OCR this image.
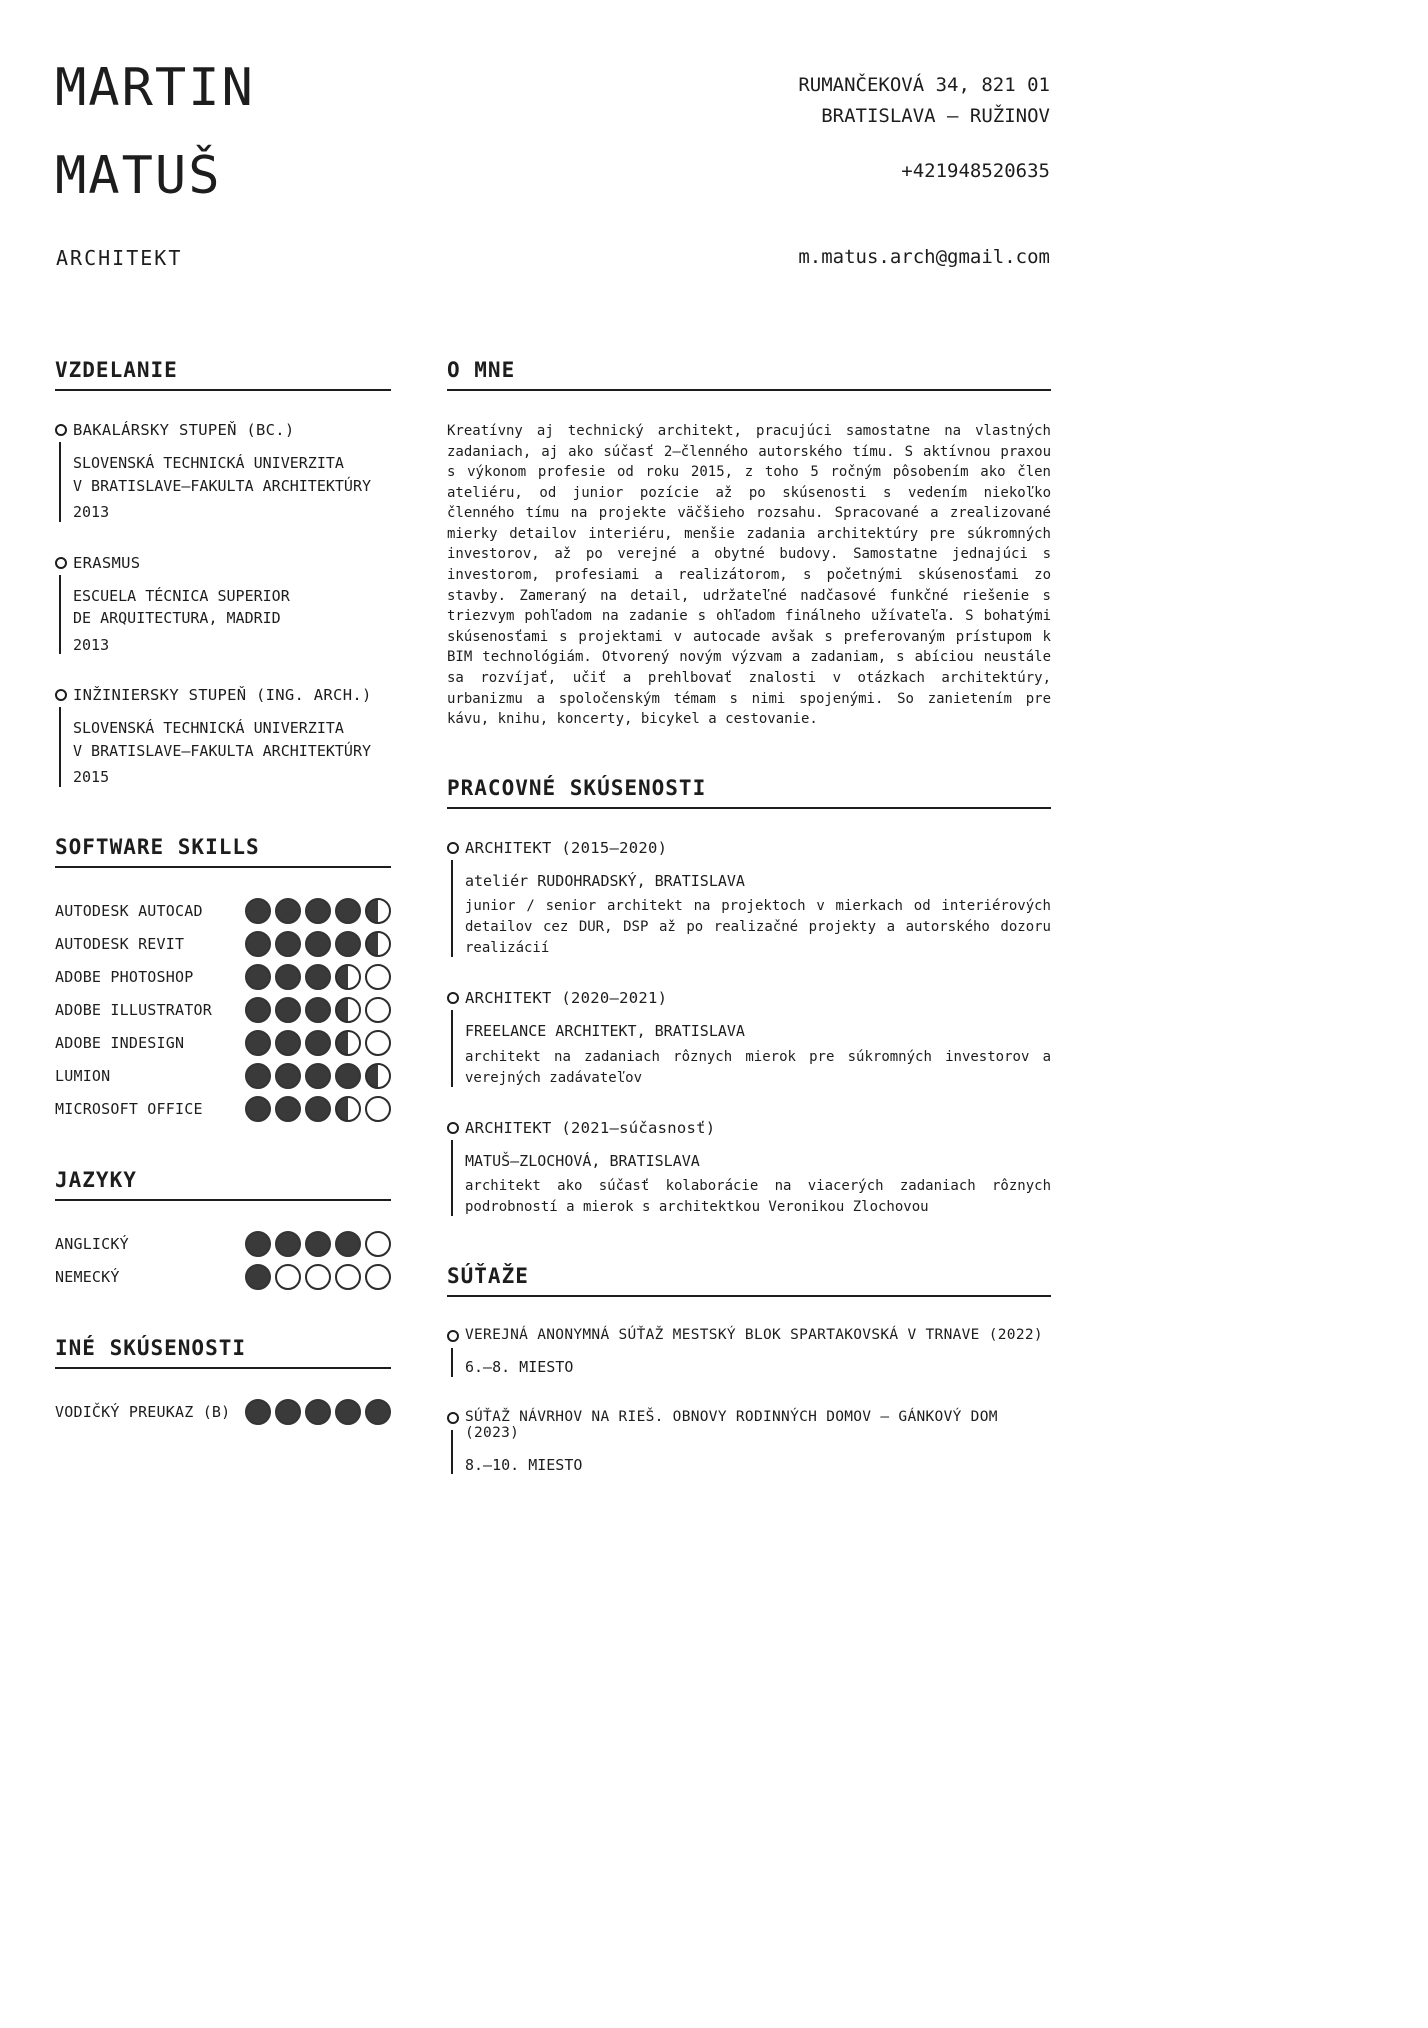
MARTIN
MATUŠ
ARCHITEKT
RUMANČEKOVÁ 34, 821 01
BRATISLAVA – RUŽINOV
+421948520635
m.matus.arch@gmail.com
VZDELANIE
BAKALÁRSKY STUPEŇ (BC.)
SLOVENSKÁ TECHNICKÁ UNIVERZITA
V BRATISLAVE–FAKULTA ARCHITEKTÚRY
2013
ERASMUS
ESCUELA TÉCNICA SUPERIOR
DE ARQUITECTURA, MADRID
2013
INŽINIERSKY STUPEŇ (ING. ARCH.)
SLOVENSKÁ TECHNICKÁ UNIVERZITA
V BRATISLAVE–FAKULTA ARCHITEKTÚRY
2015
SOFTWARE SKILLS
AUTODESK AUTOCAD
AUTODESK REVIT
ADOBE PHOTOSHOP
ADOBE ILLUSTRATOR
ADOBE INDESIGN
LUMION
MICROSOFT OFFICE
JAZYKY
ANGLICKÝ
NEMECKÝ
INÉ SKÚSENOSTI
VODIČKÝ PREUKAZ (B)
O MNE

Kreatívny aj technický architekt, pracujúci samostatne na vlastných zadaniach, aj ako súčasť 2–členného autorského tímu. S aktívnou praxou s výkonom profesie od roku 2015, z toho 5 ročným pôsobením ako člen ateliéru, od junior pozície až po skúsenosti s vedením niekoľko členného tímu na projekte väčšieho rozsahu. Spracované a zrealizované mierky detailov interiéru, menšie zadania architektúry pre súkromných investorov, až po verejné a obytné budovy. Samostatne jednajúci s investorom, profesiami a realizátorom, s početnými skúsenosťami zo stavby. Zameraný na detail, udržateľné nadčasové funkčné riešenie s triezvym pohľadom na zadanie s ohľadom finálneho užívateľa. S bohatými skúsenosťami s projektami v autocade avšak s preferovaným prístupom k BIM technológiám. Otvorený novým výzvam a zadaniam, s abíciou neustále sa rozvíjať, učiť a prehlbovať znalosti v otázkach architektúry, urbanizmu a spoločenským témam s nimi spojenými. So zanietením pre kávu, knihu, koncerty, bicykel a cestovanie.

PRACOVNÉ SKÚSENOSTI
ARCHITEKT (2015–2020)
ateliér RUDOHRADSKÝ, BRATISLAVA
junior / senior architekt na projektoch v mierkach od interiérových detailov cez DUR, DSP až po realizačné projekty a autorského dozoru realizácií
ARCHITEKT (2020–2021)
FREELANCE ARCHITEKT, BRATISLAVA
architekt na zadaniach rôznych mierok pre súkromných investorov a verejných zadávateľov
ARCHITEKT (2021–súčasnosť)
MATUŠ–ZLOCHOVÁ, BRATISLAVA
architekt ako súčasť kolaborácie na viacerých zadaniach rôznych podrobností a mierok s architektkou Veronikou Zlochovou
SÚŤAŽE
VEREJNÁ ANONYMNÁ SÚŤAŽ MESTSKÝ BLOK SPARTAKOVSKÁ V TRNAVE (2022)
6.–8. MIESTO
SÚŤAŽ NÁVRHOV NA RIEŠ. OBNOVY RODINNÝCH DOMOV – GÁNKOVÝ DOM (2023)
8.–10. MIESTO
